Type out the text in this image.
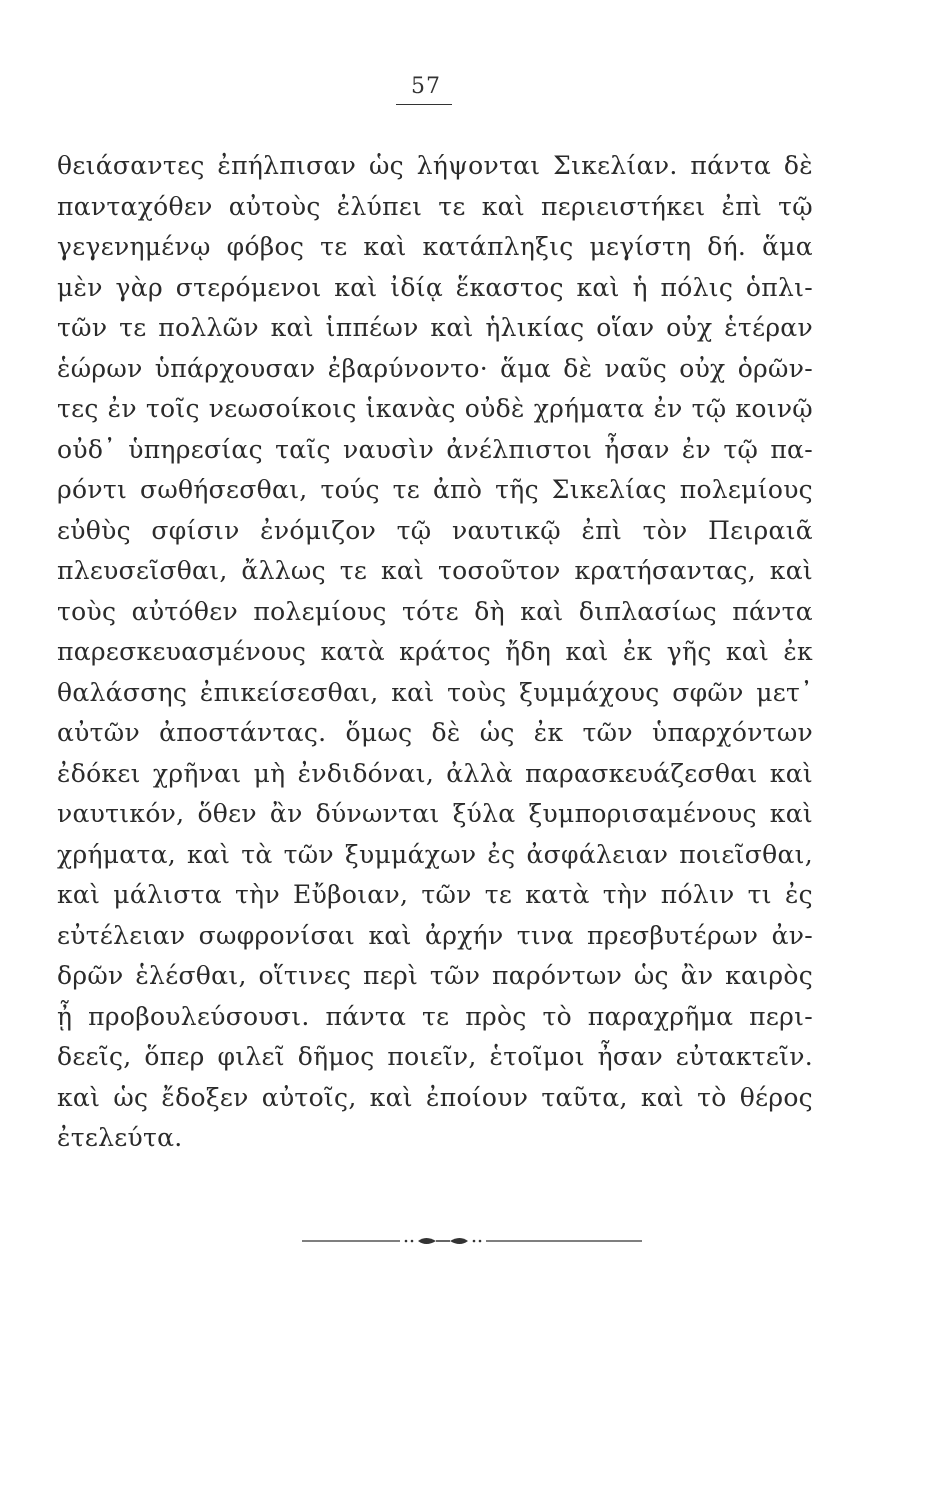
57
θειάσαντες ἐπήλπισαν ὡς λήψονται Σικελίαν. πάντα δὲ
πανταχόθεν αὐτοὺς ἐλύπει τε καὶ περιειστήκει ἐπὶ τῷ
γεγενημένῳ φόβος τε καὶ κατάπληξις μεγίστη δή. ἅμα
μὲν γὰρ στερόμενοι καὶ ἰδίᾳ ἕκαστος καὶ ἡ πόλις ὁπλι-
τῶν τε πολλῶν καὶ ἱππέων καὶ ἡλικίας οἵαν οὐχ ἑτέραν
ἑώρων ὑπάρχουσαν ἐβαρύνοντο· ἅμα δὲ ναῦς οὐχ ὁρῶν-
τες ἐν τοῖς νεωσοίκοις ἱκανὰς οὐδὲ χρήματα ἐν τῷ κοινῷ
οὐδ᾽ ὑπηρεσίας ταῖς ναυσὶν ἀνέλπιστοι ἦσαν ἐν τῷ πα-
ρόντι σωθήσεσθαι, τούς τε ἀπὸ τῆς Σικελίας πολεμίους
εὐθὺς σφίσιν ἐνόμιζον τῷ ναυτικῷ ἐπὶ τὸν Πειραιᾶ
πλευσεῖσθαι, ἄλλως τε καὶ τοσοῦτον κρατήσαντας, καὶ
τοὺς αὐτόθεν πολεμίους τότε δὴ καὶ διπλασίως πάντα
παρεσκευασμένους κατὰ κράτος ἤδη καὶ ἐκ γῆς καὶ ἐκ
θαλάσσης ἐπικείσεσθαι, καὶ τοὺς ξυμμάχους σφῶν μετ᾽
αὐτῶν ἀποστάντας. ὅμως δὲ ὡς ἐκ τῶν ὑπαρχόντων
ἐδόκει χρῆναι μὴ ἐνδιδόναι, ἀλλὰ παρασκευάζεσθαι καὶ
ναυτικόν, ὅθεν ἂν δύνωνται ξύλα ξυμπορισαμένους καὶ
χρήματα, καὶ τὰ τῶν ξυμμάχων ἐς ἀσφάλειαν ποιεῖσθαι,
καὶ μάλιστα τὴν Εὔβοιαν, τῶν τε κατὰ τὴν πόλιν τι ἐς
εὐτέλειαν σωφρονίσαι καὶ ἀρχήν τινα πρεσβυτέρων ἀν-
δρῶν ἑλέσθαι, οἵτινες περὶ τῶν παρόντων ὡς ἂν καιρὸς
ᾖ προβουλεύσουσι. πάντα τε πρὸς τὸ παραχρῆμα περι-
δεεῖς, ὅπερ φιλεῖ δῆμος ποιεῖν, ἑτοῖμοι ἦσαν εὐτακτεῖν.
καὶ ὡς ἔδοξεν αὐτοῖς, καὶ ἐποίουν ταῦτα, καὶ τὸ θέρος
ἐτελεύτα.
